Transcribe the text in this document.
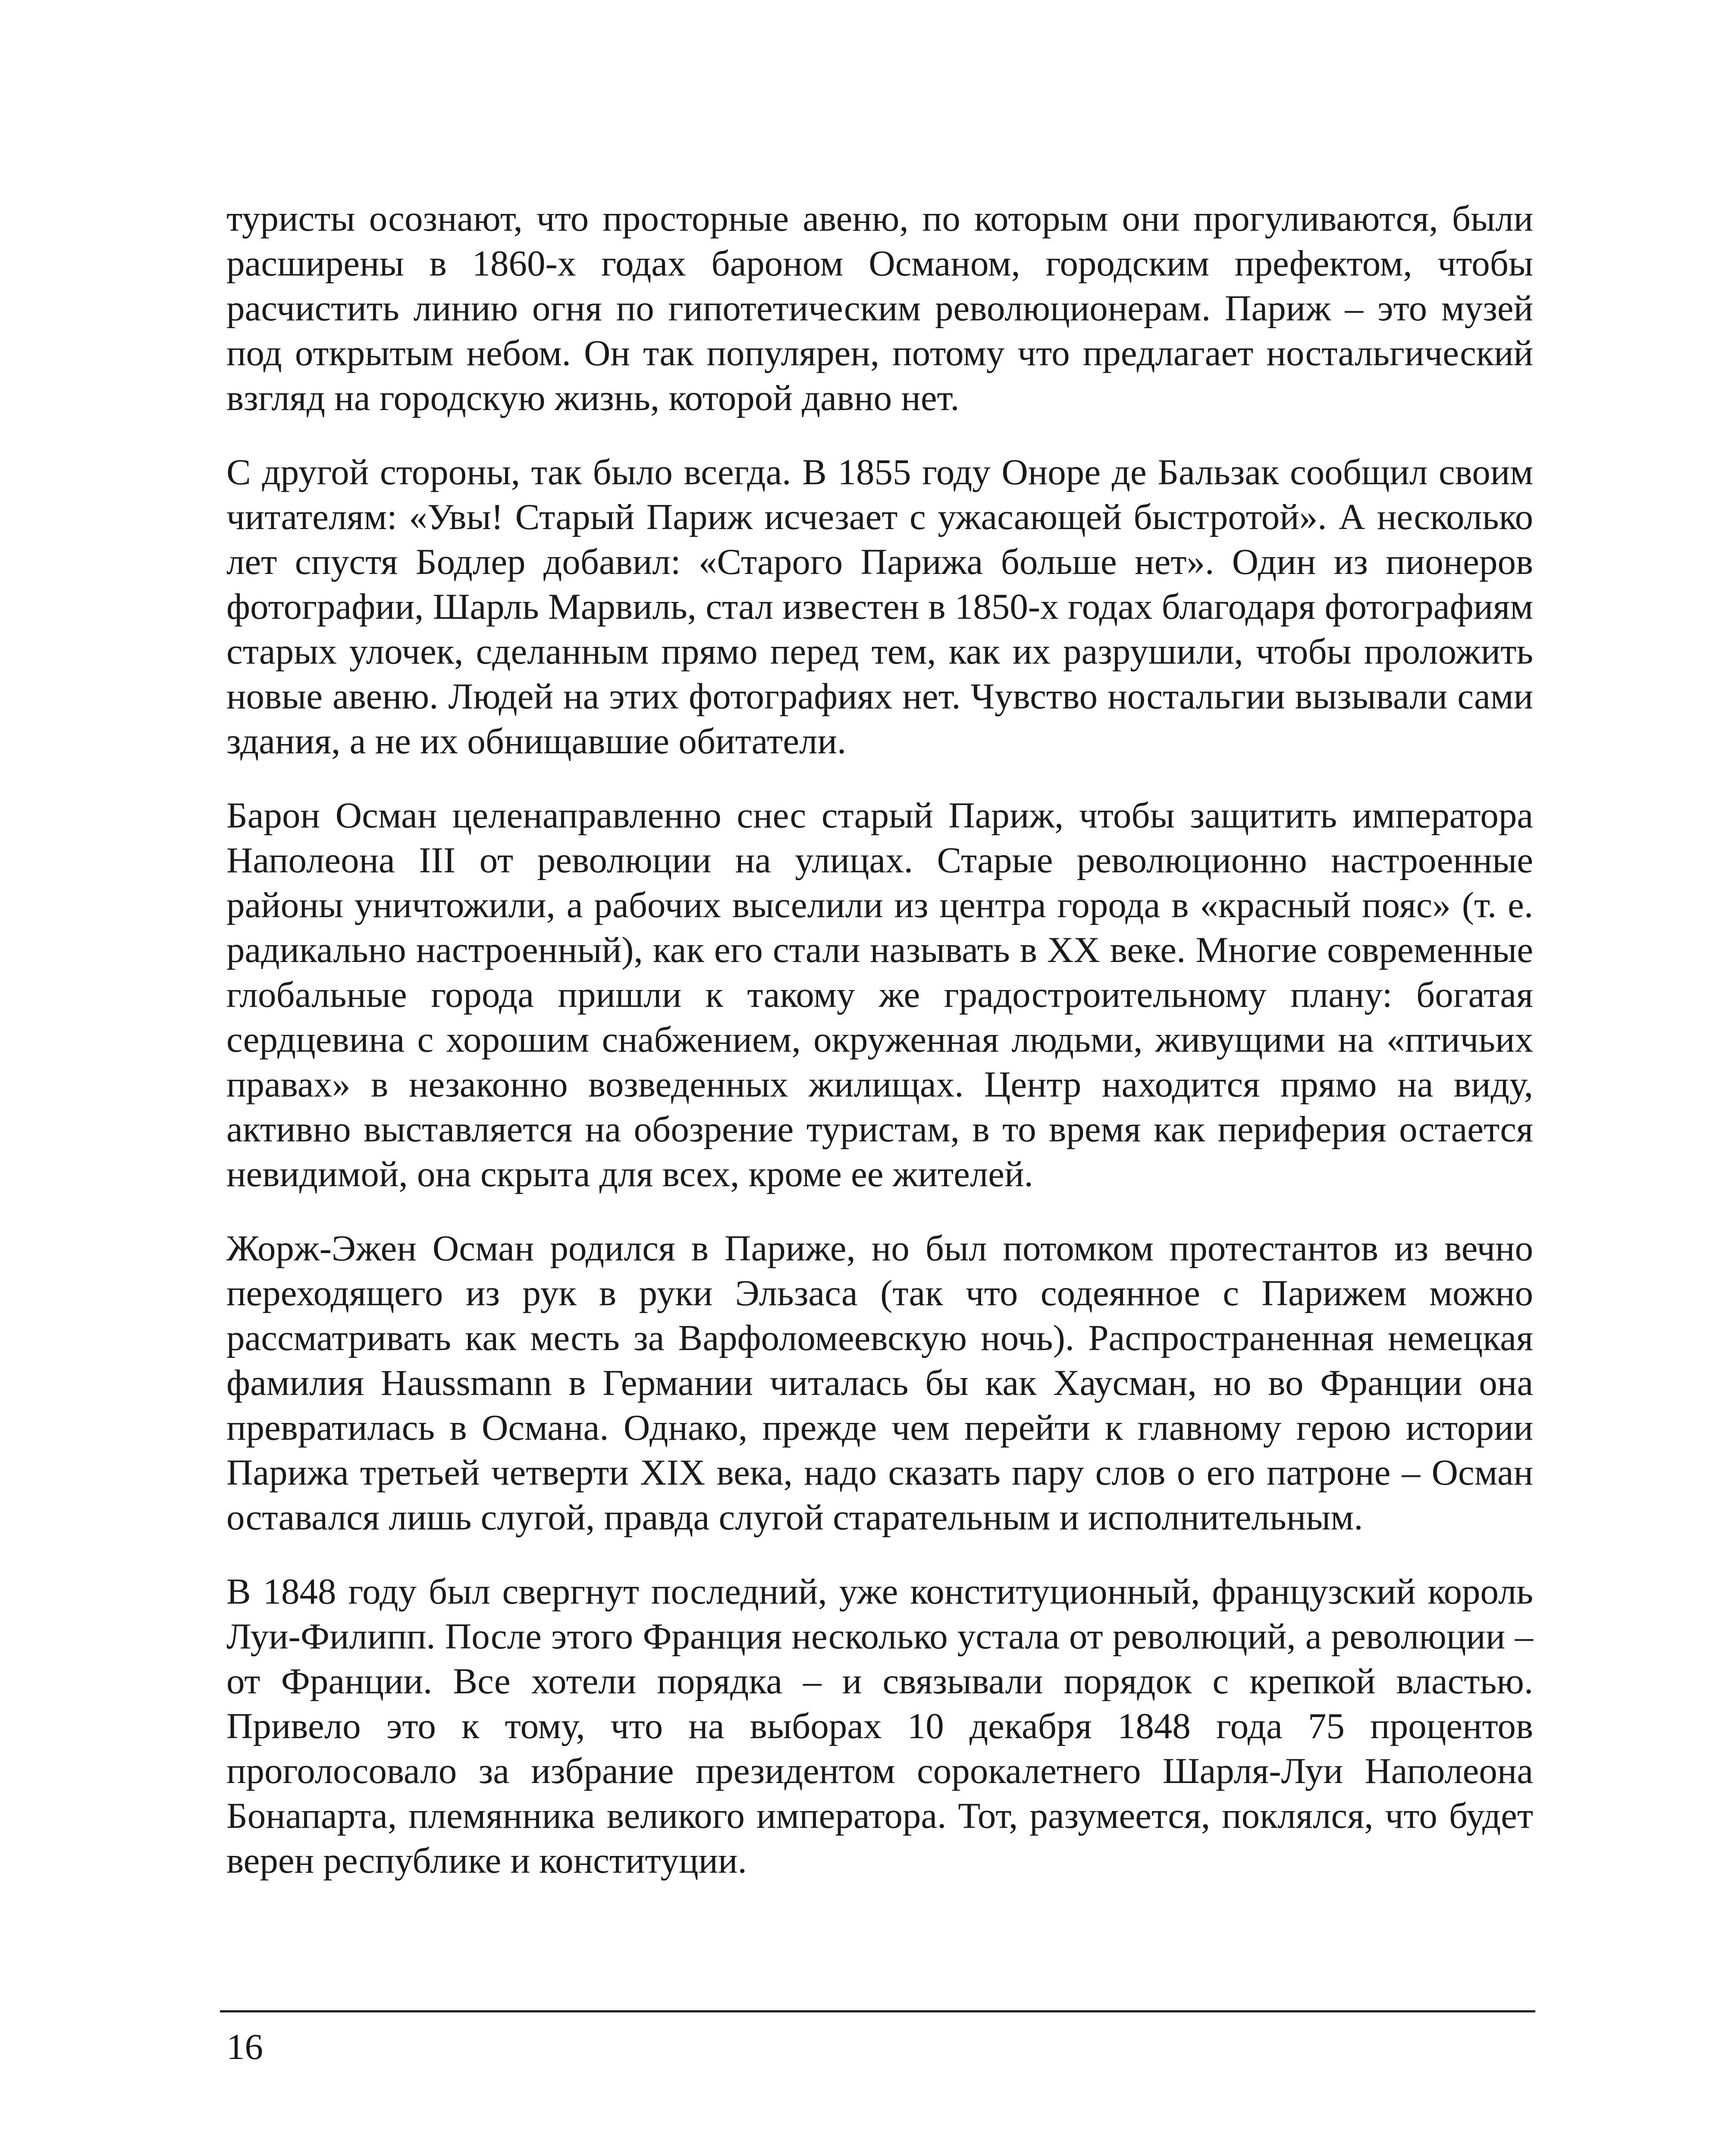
туристы осознают, что просторные авеню, по которым они прогуливаются, были расширены в 1860-х годах бароном Османом, городским префектом, чтобы расчистить линию огня по гипотетическим революционерам. Париж – это музей под открытым небом. Он так популярен, потому что предлагает ностальгический взгляд на городскую жизнь, которой давно нет.

С другой стороны, так было всегда. В 1855 году Оноре де Бальзак сообщил своим читателям: «Увы! Старый Париж исчезает с ужасающей быстротой». А несколько лет спустя Бодлер добавил: «Старого Парижа больше нет». Один из пионеров фотографии, Шарль Марвиль, стал известен в 1850-х годах благодаря фотографиям старых улочек, сделанным прямо перед тем, как их разрушили, чтобы проложить новые авеню. Людей на этих фотографиях нет. Чувство ностальгии вызывали сами здания, а не их обнищавшие обитатели.

Барон Осман целенаправленно снес старый Париж, чтобы защитить императора Наполеона III от революции на улицах. Старые революционно настроенные районы уничтожили, а рабочих выселили из центра города в «красный пояс» (т. е. радикально настроенный), как его стали называть в XX веке. Многие современные глобальные города пришли к такому же градостроительному плану: богатая сердцевина с хорошим снабжением, окруженная людьми, живущими на «птичьих правах» в незаконно возведенных жилищах. Центр находится прямо на виду, активно выставляется на обозрение туристам, в то время как периферия остается невидимой, она скрыта для всех, кроме ее жителей.

Жорж-Эжен Осман родился в Париже, но был потомком протестантов из вечно переходящего из рук в руки Эльзаса (так что содеянное с Парижем можно рассматривать как месть за Варфоломеевскую ночь). Распространенная немецкая фамилия Haussmann в Германии читалась бы как Хаусман, но во Франции она превратилась в Османа. Однако, прежде чем перейти к главному герою истории Парижа третьей четверти XIX века, надо сказать пару слов о его патроне – Осман оставался лишь слугой, правда слугой старательным и исполнительным.

В 1848 году был свергнут последний, уже конституционный, французский король Луи-Филипп. После этого Франция несколько устала от революций, а революции – от Франции. Все хотели порядка – и связывали порядок с крепкой властью. Привело это к тому, что на выборах 10 декабря 1848 года 75 процентов проголосовало за избрание президентом сорокалетнего Шарля-Луи Наполеона Бонапарта, племянника великого императора. Тот, разумеется, поклялся, что будет верен республике и конституции.

16
